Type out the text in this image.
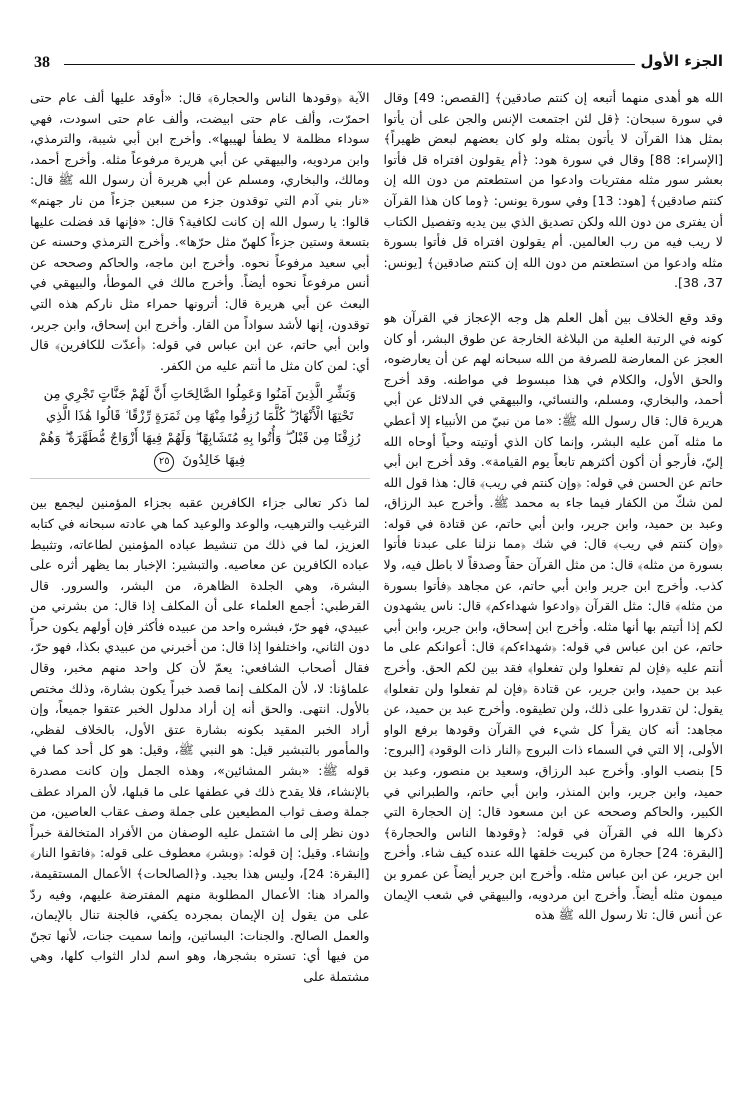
38	الجزء الأول

الله هو أهدى منهما أتبعه إن كنتم صادقين﴾ [القصص: 49] وقال في سورة سبحان: ﴿قل لئن اجتمعت الإنس والجن على أن يأتوا بمثل هذا القرآن لا يأتون بمثله ولو كان بعضهم لبعض ظهيراً﴾ [الإسراء: 88] وقال في سورة هود: ﴿أم يقولون افتراه قل فأتوا بعشر سور مثله مفتريات وادعوا من استطعتم من دون الله إن كنتم صادقين﴾ [هود: 13] وفي سورة يونس: ﴿وما كان هذا القرآن أن يفترى من دون الله ولكن تصديق الذي بين يديه وتفصيل الكتاب لا ريب فيه من رب العالمين. أم يقولون افتراه قل فأتوا بسورة مثله وادعوا من استطعتم من دون الله إن كنتم صادقين﴾ [يونس: 37، 38].

وقد وقع الخلاف بين أهل العلم هل وجه الإعجاز في القرآن هو كونه في الرتبة العلية من البلاغة الخارجة عن طوق البشر، أو كان العجز عن المعارضة للصرفة من الله سبحانه لهم عن أن يعارضوه، والحق الأول، والكلام في هذا مبسوط في مواطنه. وقد أخرج أحمد، والبخاري، ومسلم، والنسائي، والبيهقي في الدلائل عن أبي هريرة قال: قال رسول الله ﷺ: «ما من نبيّ من الأنبياء إلا أعطي ما مثله آمن عليه البشر، وإنما كان الذي أوتيته وحياً أوحاه الله إليّ، فأرجو أن أكون أكثرهم تابعاً يوم القيامة». وقد أخرج ابن أبي حاتم عن الحسن في قوله: ﴿وإن كنتم في ريب﴾ قال: هذا قول الله لمن شكّ من الكفار فيما جاء به محمد ﷺ. وأخرج عبد الرزاق، وعبد بن حميد، وابن جرير، وابن أبي حاتم، عن قتادة في قوله: ﴿وإن كنتم في ريب﴾ قال: في شك ﴿مما نزلنا على عبدنا فأتوا بسورة من مثله﴾ قال: من مثل القرآن حقاً وصدقاً لا باطل فيه، ولا كذب. وأخرج ابن جرير وابن أبي حاتم، عن مجاهد ﴿فأتوا بسورة من مثله﴾ قال: مثل القرآن ﴿وادعوا شهداءكم﴾ قال: ناس يشهدون لكم إذا أتيتم بها أنها مثله. وأخرج ابن إسحاق، وابن جرير، وابن أبي حاتم، عن ابن عباس في قوله: ﴿شهداءكم﴾ قال: أعوانكم على ما أنتم عليه ﴿فإن لم تفعلوا ولن تفعلوا﴾ فقد بين لكم الحق. وأخرج عبد بن حميد، وابن جرير، عن قتادة ﴿فإن لم تفعلوا ولن تفعلوا﴾ يقول: لن تقدروا على ذلك، ولن تطيقوه. وأخرج عبد بن حميد، عن مجاهد: أنه كان يقرأ كل شيء في القرآن وقودها برفع الواو الأولى، إلا التي في السماء ذات البروج ﴿النار ذات الوقود﴾ [البروج: 5] بنصب الواو. وأخرج عبد الرزاق، وسعيد بن منصور، وعبد بن حميد، وابن جرير، وابن المنذر، وابن أبي حاتم، والطبراني في الكبير، والحاكم وصححه عن ابن مسعود قال: إن الحجارة التي ذكرها الله في القرآن في قوله: ﴿وقودها الناس والحجارة﴾ [البقرة: 24] حجارة من كبريت خلقها الله عنده كيف شاء. وأخرج ابن جرير، عن ابن عباس مثله. وأخرج ابن جرير أيضاً عن عمرو بن ميمون مثله أيضاً. وأخرج ابن مردويه، والبيهقي في شعب الإيمان عن أنس قال: تلا رسول الله ﷺ هذه

الآية ﴿وقودها الناس والحجارة﴾ قال: «أوقد عليها ألف عام حتى احمرّت، وألف عام حتى ابيضت، وألف عام حتى اسودت، فهي سوداء مظلمة لا يطفأ لهيبها». وأخرج ابن أبي شيبة، والترمذي، وابن مردويه، والبيهقي عن أبي هريرة مرفوعاً مثله. وأخرج أحمد، ومالك، والبخاري، ومسلم عن أبي هريرة أن رسول الله ﷺ قال: «نار بني آدم التي توقدون جزء من سبعين جزءاً من نار جهنم» قالوا: يا رسول الله إن كانت لكافية؟ قال: «فإنها قد فضلت عليها بتسعة وستين جزءاً كلهنّ مثل حرّها». وأخرج الترمذي وحسنه عن أبي سعيد مرفوعاً نحوه. وأخرج ابن ماجه، والحاكم وصححه عن أنس مرفوعاً نحوه أيضاً. وأخرج مالك في الموطأ، والبيهقي في البعث عن أبي هريرة قال: أترونها حمراء مثل ناركم هذه التي توقدون، إنها لأشد سواداً من القار. وأخرج ابن إسحاق، وابن جرير، وابن أبي حاتم، عن ابن عباس في قوله: ﴿أعدّت للكافرين﴾ قال أي: لمن كان مثل ما أنتم عليه من الكفر.

وَبَشِّرِ الَّذِينَ آمَنُوا وَعَمِلُوا الصَّالِحَاتِ أَنَّ لَهُمْ جَنَّاتٍ تَجْرِي مِن تَحْتِهَا الْأَنْهَارُ ۖ كُلَّمَا رُزِقُوا مِنْهَا مِن ثَمَرَةٍ رِّزْقًا ۙ قَالُوا هَٰذَا الَّذِي رُزِقْنَا مِن قَبْلُ ۖ وَأُتُوا بِهِ مُتَشَابِهًا ۖ وَلَهُمْ فِيهَا أَزْوَاجٌ مُّطَهَّرَةٌ ۖ وَهُمْ فِيهَا خَالِدُونَ ٢٥

لما ذكر تعالى جزاء الكافرين عقبه بجزاء المؤمنين ليجمع بين الترغيب والترهيب، والوعد والوعيد كما هي عادته سبحانه في كتابه العزيز، لما في ذلك من تنشيط عباده المؤمنين لطاعاته، وتثبيط عباده الكافرين عن معاصيه. والتبشير: الإخبار بما يظهر أثره على البشرة، وهي الجلدة الظاهرة، من البشر، والسرور. قال القرطبي: أجمع العلماء على أن المكلف إذا قال: من بشرني من عبيدي، فهو حرّ، فبشره واحد من عبيده فأكثر فإن أولهم يكون حراً دون الثاني، واختلفوا إذا قال: من أخبرني من عبيدي بكذا، فهو حرّ، فقال أصحاب الشافعي: يعمّ لأن كل واحد منهم مخبر، وقال علماؤنا: لا، لأن المكلف إنما قصد خبراً يكون بشارة، وذلك مختص بالأول. انتهى. والحق أنه إن أراد مدلول الخبر عتقوا جميعاً، وإن أراد الخبر المقيد بكونه بشارة عتق الأول، بالخلاف لفظي، والمأمور بالتبشير قيل: هو النبي ﷺ، وقيل: هو كل أحد كما في قوله ﷺ: «بشر المشائين»، وهذه الجمل وإن كانت مصدرة بالإنشاء، فلا يقدح ذلك في عطفها على ما قبلها، لأن المراد عطف جملة وصف ثواب المطيعين على جملة وصف عقاب العاصين، من دون نظر إلى ما اشتمل عليه الوصفان من الأفراد المتخالفة خبراً وإنشاء. وقيل: إن قوله: ﴿وبشر﴾ معطوف على قوله: ﴿فاتقوا النار﴾ [البقرة: 24]، وليس هذا بجيد. و﴿الصالحات﴾ الأعمال المستقيمة، والمراد هنا: الأعمال المطلوبة منهم المفترضة عليهم، وفيه ردّ على من يقول إن الإيمان بمجرده يكفي، فالجنة تنال بالإيمان، والعمل الصالح. والجنات: البساتين، وإنما سميت جنات، لأنها تجنّ من فيها أي: تستره بشجرها، وهو اسم لدار الثواب كلها، وهي مشتملة على
